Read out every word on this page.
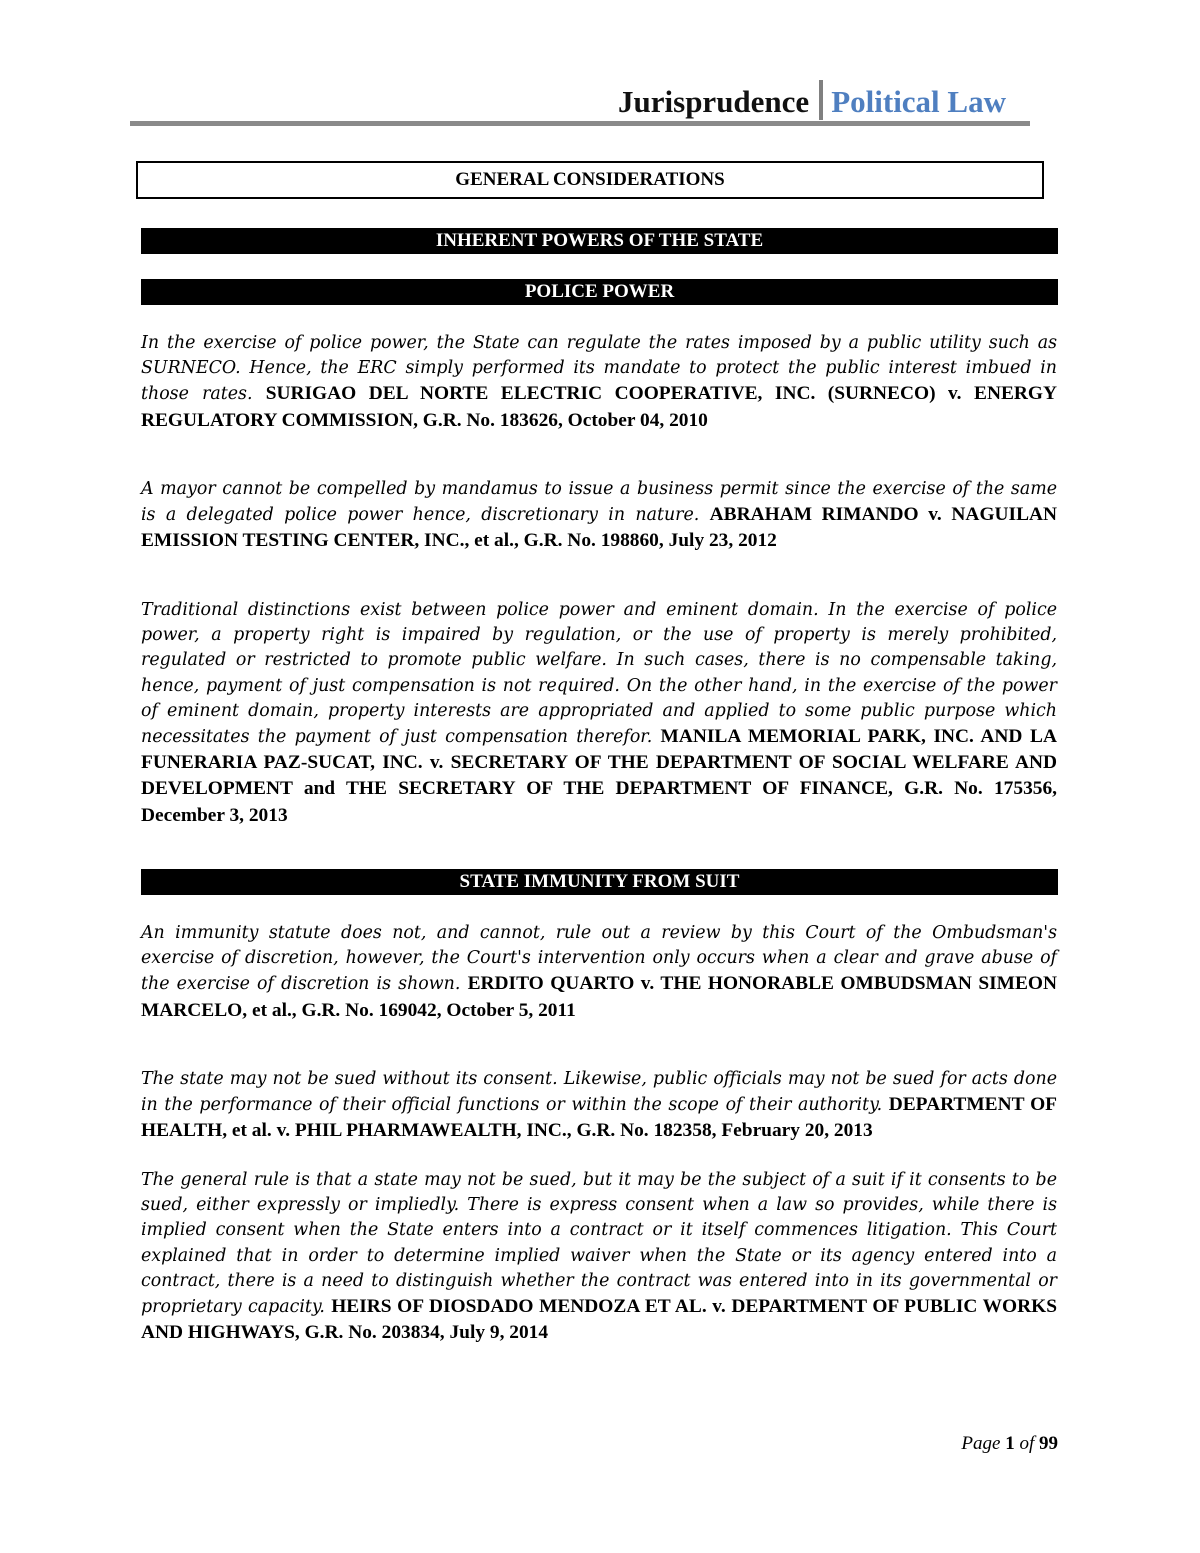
Jurisprudence Political Law
GENERAL CONSIDERATIONS
INHERENT POWERS OF THE STATE
POLICE POWER
In the exercise of police power, the State can regulate the rates imposed by a public utility such as SURNECO. Hence, the ERC simply performed its mandate to protect the public interest imbued in those rates. SURIGAO DEL NORTE ELECTRIC COOPERATIVE, INC. (SURNECO) v. ENERGY REGULATORY COMMISSION, G.R. No. 183626, October 04, 2010
A mayor cannot be compelled by mandamus to issue a business permit since the exercise of the same is a delegated police power hence, discretionary in nature. ABRAHAM RIMANDO v. NAGUILAN EMISSION TESTING CENTER, INC., et al., G.R. No. 198860, July 23, 2012
Traditional distinctions exist between police power and eminent domain. In the exercise of police power, a property right is impaired by regulation, or the use of property is merely prohibited, regulated or restricted to promote public welfare. In such cases, there is no compensable taking, hence, payment of just compensation is not required. On the other hand, in the exercise of the power of eminent domain, property interests are appropriated and applied to some public purpose which necessitates the payment of just compensation therefor. MANILA MEMORIAL PARK, INC. AND LA FUNERARIA PAZ-SUCAT, INC. v. SECRETARY OF THE DEPARTMENT OF SOCIAL WELFARE AND DEVELOPMENT and THE SECRETARY OF THE DEPARTMENT OF FINANCE, G.R. No. 175356, December 3, 2013
STATE IMMUNITY FROM SUIT
An immunity statute does not, and cannot, rule out a review by this Court of the Ombudsman's exercise of discretion, however, the Court's intervention only occurs when a clear and grave abuse of the exercise of discretion is shown. ERDITO QUARTO v. THE HONORABLE OMBUDSMAN SIMEON MARCELO, et al., G.R. No. 169042, October 5, 2011
The state may not be sued without its consent. Likewise, public officials may not be sued for acts done in the performance of their official functions or within the scope of their authority. DEPARTMENT OF HEALTH, et al. v. PHIL PHARMAWEALTH, INC., G.R. No. 182358, February 20, 2013
The general rule is that a state may not be sued, but it may be the subject of a suit if it consents to be sued, either expressly or impliedly. There is express consent when a law so provides, while there is implied consent when the State enters into a contract or it itself commences litigation. This Court explained that in order to determine implied waiver when the State or its agency entered into a contract, there is a need to distinguish whether the contract was entered into in its governmental or proprietary capacity. HEIRS OF DIOSDADO MENDOZA ET AL. v. DEPARTMENT OF PUBLIC WORKS AND HIGHWAYS, G.R. No. 203834, July 9, 2014
Page 1 of 99
